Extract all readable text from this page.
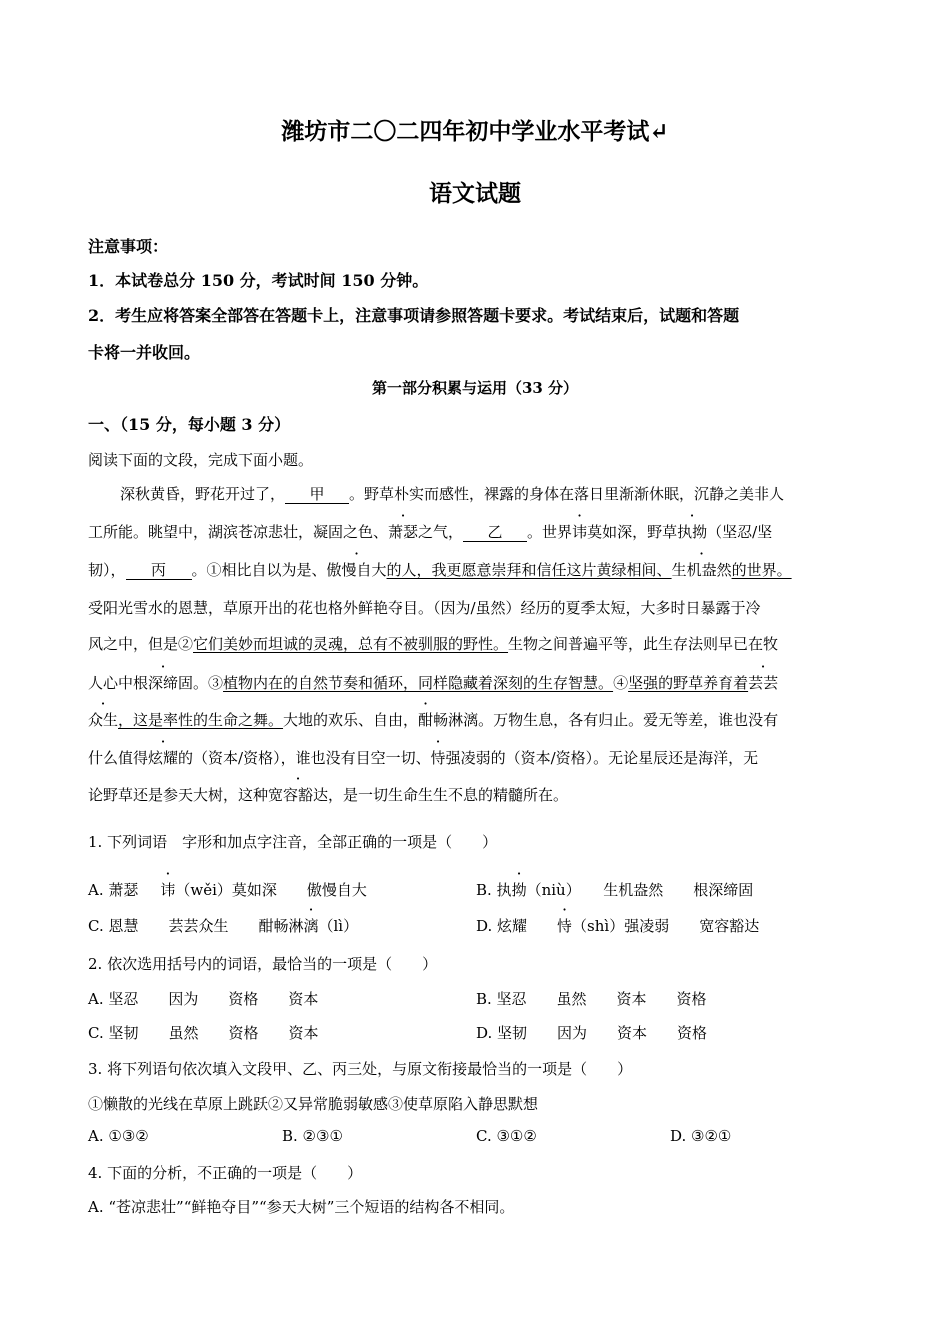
潍坊市二〇二四年初中学业水平考试↵
语文试题
注意事项：
1．本试卷总分 150 分，考试时间 150 分钟。
2．考生应将答案全部答在答题卡上，注意事项请参照答题卡要求。考试结束后，试题和答题
卡将一并收回。
第一部分积累与运用（33 分）
一、（15 分，每小题 3 分）
阅读下面的文段，完成下面小题。
深秋黄昏，野花开过了， 甲 。野草朴实而感性，裸露的身体在落日里渐渐休眠，沉静之美非人
工所能。眺望中，湖滨苍凉悲壮，凝固之色、萧瑟之气， 乙 。世界讳莫如深，野草执拗（坚忍/坚
韧）， 丙 。①相比自以为是、傲慢自大的人，我更愿意崇拜和信任这片黄绿相间、生机盎然的世界。
受阳光雪水的恩慧，草原开出的花也格外鲜艳夺目。（因为/虽然）经历的夏季太短，大多时日暴露于冷
风之中，但是②它们美妙而坦诚的灵魂，总有不被驯服的野性。生物之间普遍平等，此生存法则早已在牧
人心中根深缔固。③植物内在的自然节奏和循环，同样隐藏着深刻的生存智慧。④坚强的野草养育着芸芸
众生，这是率性的生命之舞。大地的欢乐、自由，酣畅淋漓。万物生息，各有归止。爱无等差，谁也没有
什么值得炫耀的（资本/资格），谁也没有目空一切、恃强凌弱的（资本/资格）。无论星辰还是海洋，无
论野草还是参天大树，这种宽容豁达，是一切生命生生不息的精髓所在。
1. 下列词语　字形和加点字注音，全部正确的一项是（　　）
A. 萧瑟 讳（wěi）莫如深　　傲慢自大	B. 执拗（niù）　　生机盎然　　根深缔固
C. 恩慧　　芸芸众生　　酣畅淋漓（lì）	D. 炫耀　　恃（shì）强凌弱　　宽容豁达
2. 依次选用括号内的词语，最恰当的一项是（　　）
A. 坚忍　　因为　　资格　　资本	B. 坚忍　　虽然　　资本　　资格
C. 坚韧　　虽然　　资格　　资本	D. 坚韧　　因为　　资本　　资格
3. 将下列语句依次填入文段甲、乙、丙三处，与原文衔接最恰当的一项是（　　）
①懒散的光线在草原上跳跃②又异常脆弱敏感③使草原陷入静思默想
A. ①③②	B. ②③①	C. ③①②	D. ③②①
4. 下面的分析，不正确的一项是（　　）
A. “苍凉悲壮”“鲜艳夺目”“参天大树”三个短语的结构各不相同。
